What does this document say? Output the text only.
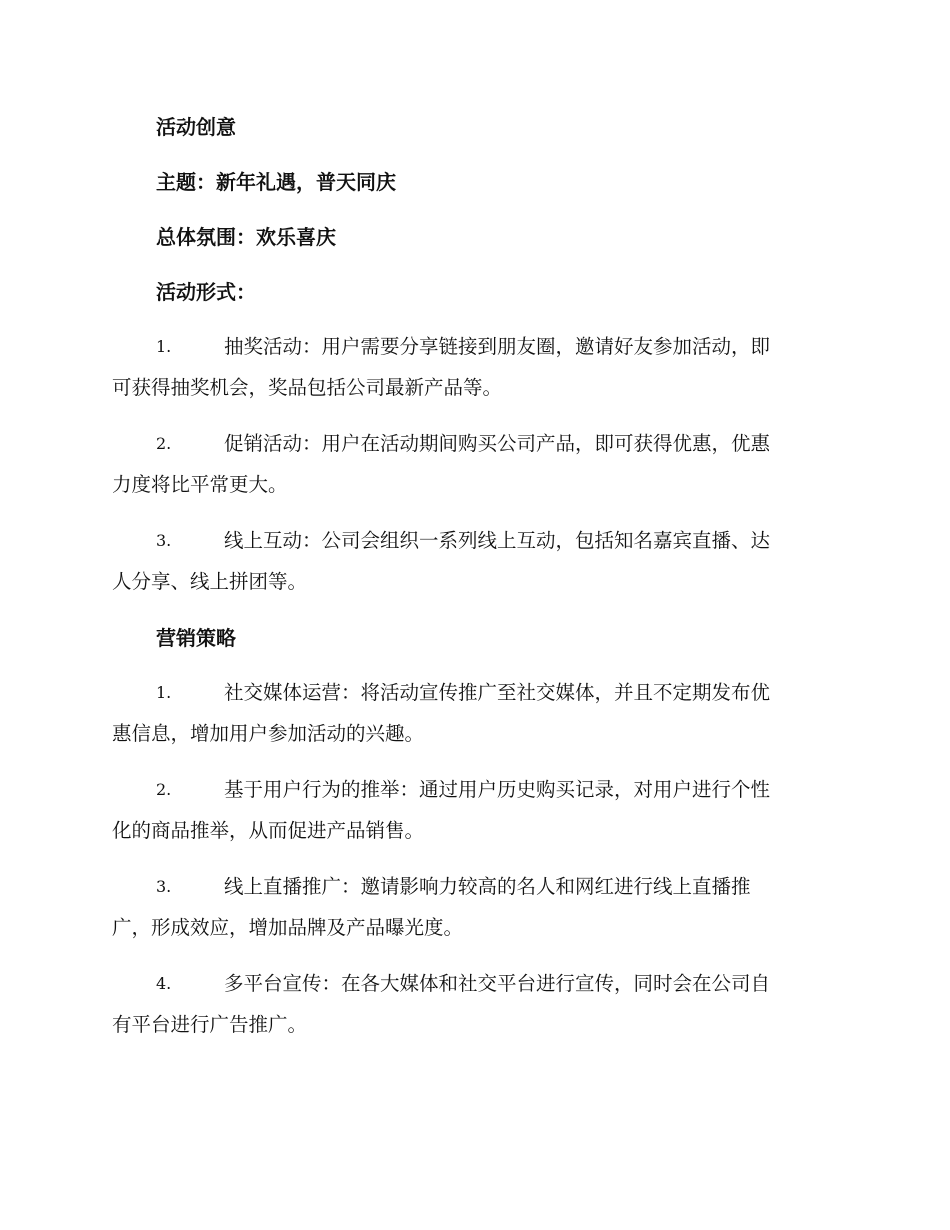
活动创意
主题：新年礼遇，普天同庆
总体氛围：欢乐喜庆
活动形式：
1.	抽奖活动：用户需要分享链接到朋友圈，邀请好友参加活动，即
可获得抽奖机会，奖品包括公司最新产品等。
2.	促销活动：用户在活动期间购买公司产品，即可获得优惠，优惠
力度将比平常更大。
3.	线上互动：公司会组织一系列线上互动，包括知名嘉宾直播、达
人分享、线上拼团等。
营销策略
1.	社交媒体运营：将活动宣传推广至社交媒体，并且不定期发布优
惠信息，增加用户参加活动的兴趣。
2.	基于用户行为的推举：通过用户历史购买记录，对用户进行个性
化的商品推举，从而促进产品销售。
3.	线上直播推广：邀请影响力较高的名人和网红进行线上直播推
广，形成效应，增加品牌及产品曝光度。
4.	多平台宣传：在各大媒体和社交平台进行宣传，同时会在公司自
有平台进行广告推广。
